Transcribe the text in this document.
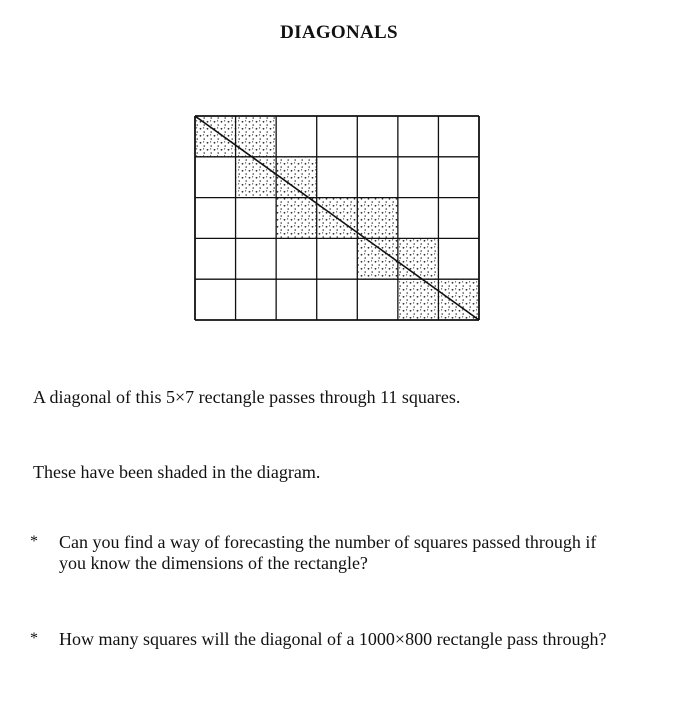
DIAGONALS
A diagonal of this 5×7 rectangle passes through 11 squares.
These have been shaded in the diagram.
* Can you find a way of forecasting the number of squares passed through if
you know the dimensions of the rectangle?
* How many squares will the diagonal of a 1000×800 rectangle pass through?
